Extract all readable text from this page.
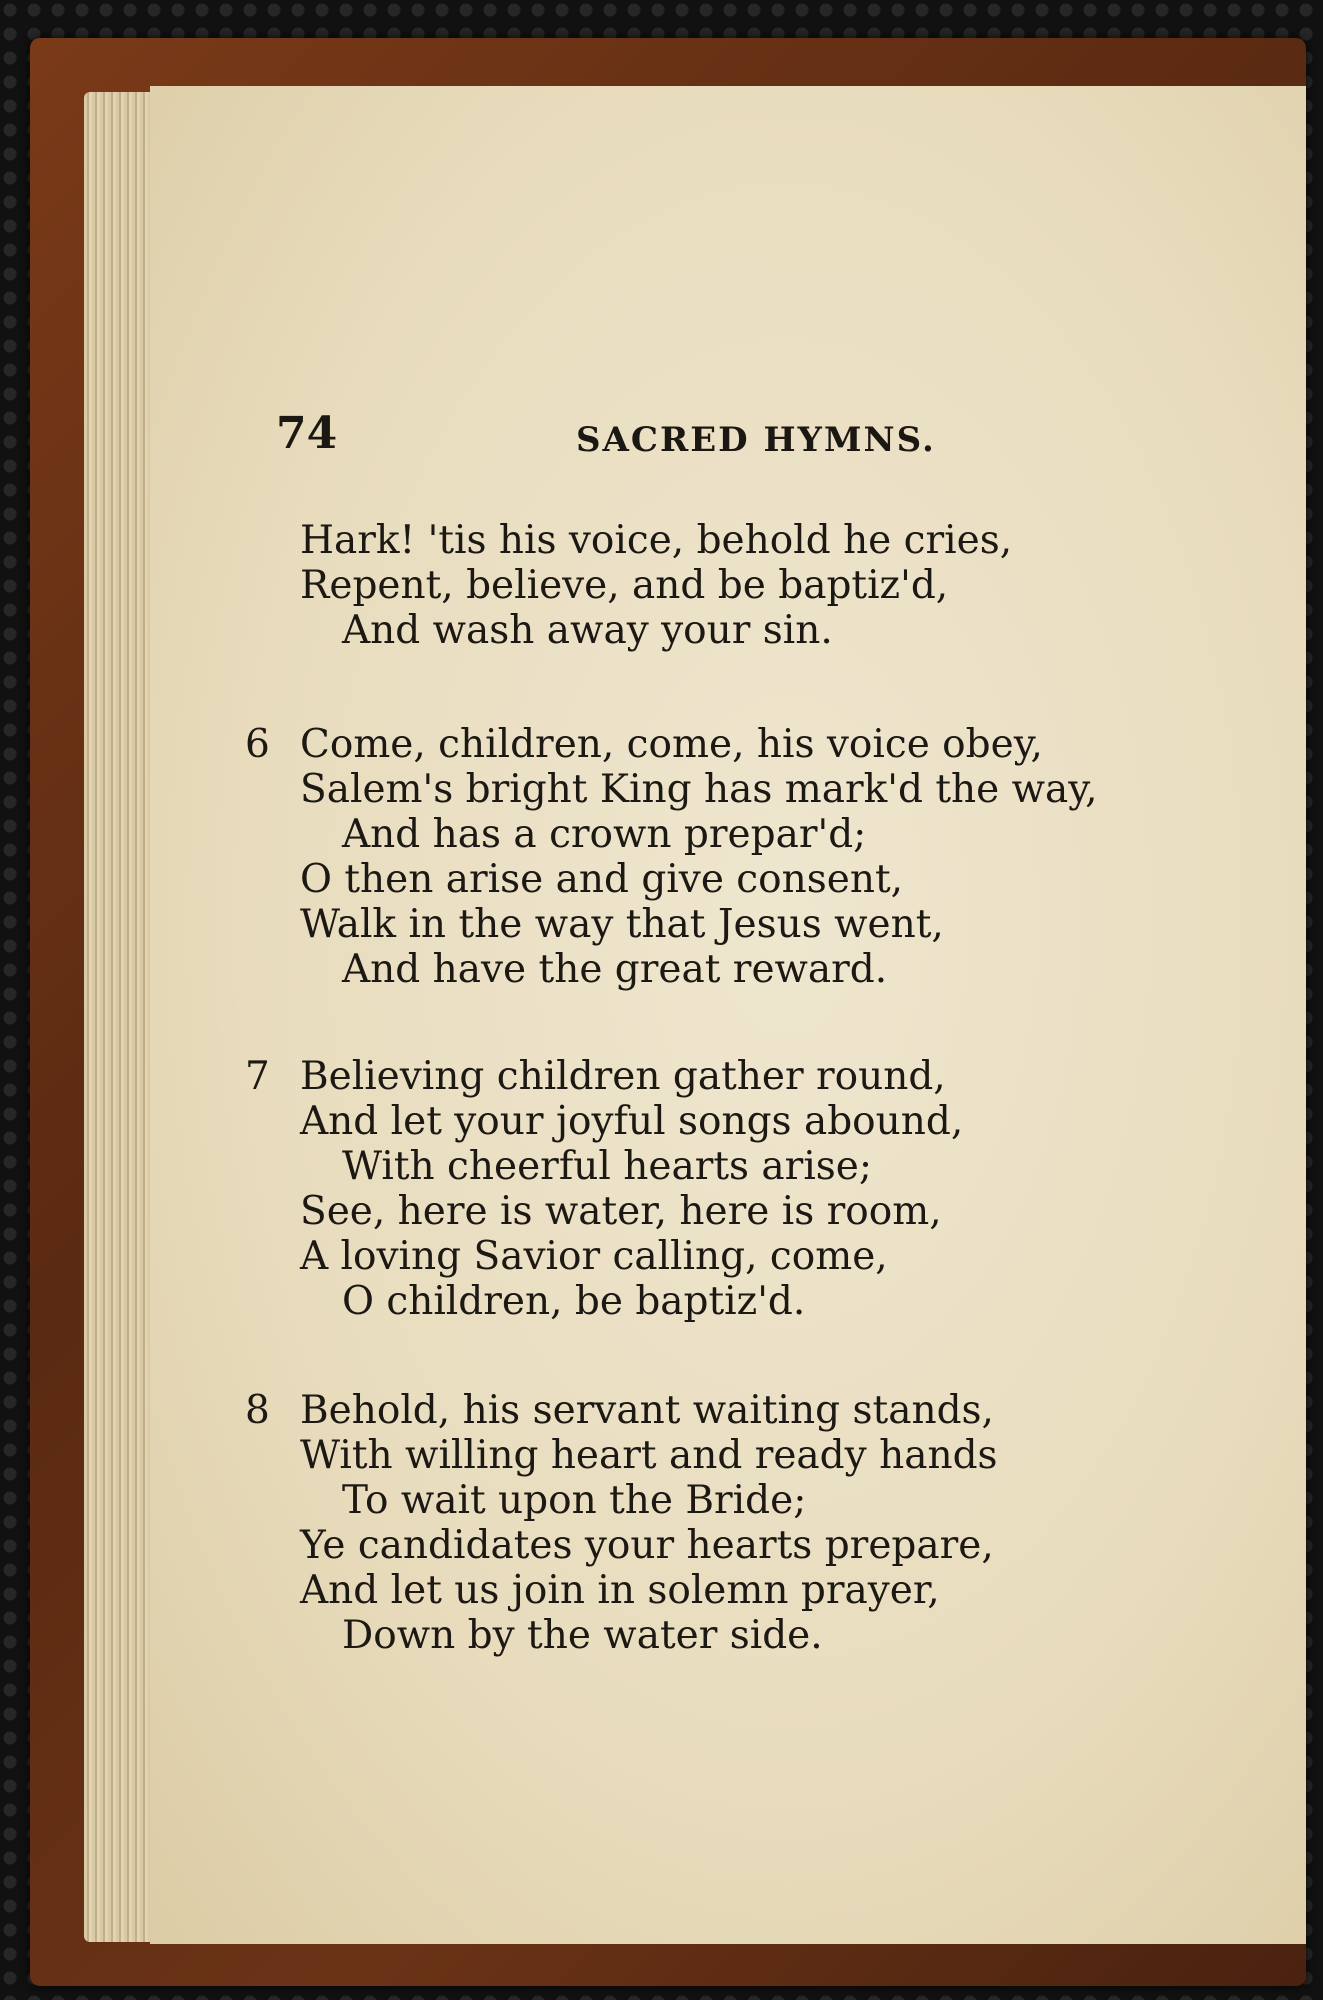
74	SACRED HYMNS.
Hark! 'tis his voice, behold he cries,
Repent, believe, and be baptiz'd,
And wash away your sin.
6 Come, children, come, his voice obey,
Salem's bright King has mark'd the way,
And has a crown prepar'd;
O then arise and give consent,
Walk in the way that Jesus went,
And have the great reward.
7 Believing children gather round,
And let your joyful songs abound,
With cheerful hearts arise;
See, here is water, here is room,
A loving Savior calling, come,
O children, be baptiz'd.
8 Behold, his servant waiting stands,
With willing heart and ready hands
To wait upon the Bride;
Ye candidates your hearts prepare,
And let us join in solemn prayer,
Down by the water side.
